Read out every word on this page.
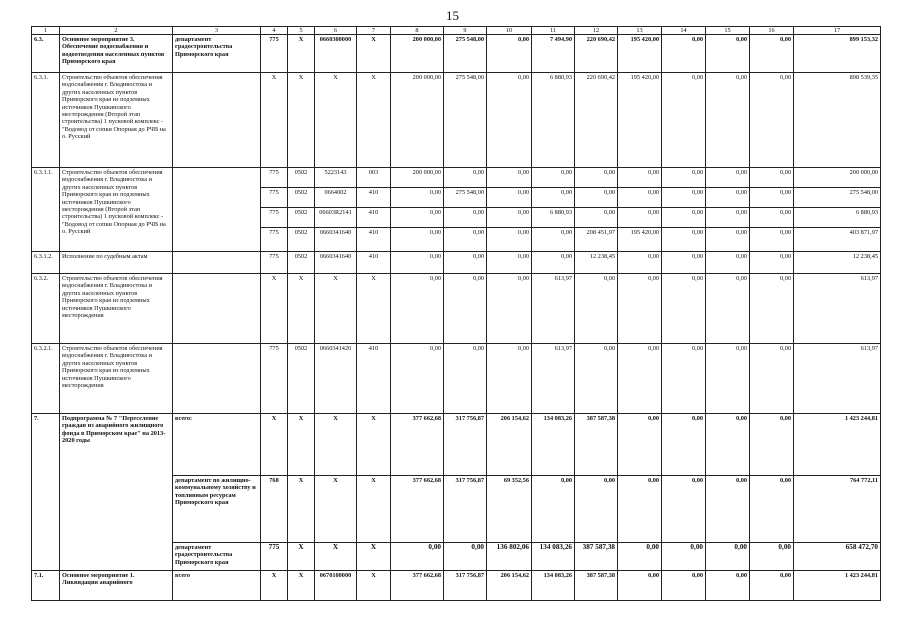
15
1	2	3	4	5	6	7	8	9	10	11	12	13	14	15	16	17
6.3.	Основное мероприятие 3. Обеспечение водоснабжения и водоотведения населенных пунктов Приморского края	департамент градостроительства Приморского края	775	X	0660300000	X	200 000,00	275 548,00	0,00	7 494,90	220 690,42	195 420,00	0,00	0,00	0,00	899 153,32
6.3.1.	Строительство объектов обеспечения водоснабжения г. Владивостока и других населенных пунктов Приморского края из подземных источников Пушкинского месторождения (Второй этап строительства) 1 пусковой комплекс - "Водовод от сопки Опорная до РЧВ на о. Русский		X	X	X	X	200 000,00	275 548,00	0,00	6 880,93	220 690,42	195 420,00	0,00	0,00	0,00	898 539,35
6.3.1.1.	Строительство объектов обеспечения водоснабжения г. Владивостока и других населенных пунктов Приморского края из подземных источников Пушкинского месторождения (Второй этап строительства) 1 пусковой комплекс - "Водовод от сопки Опорная до РЧВ на о. Русский		775	0502	5223143	003	200 000,00	0,00	0,00	0,00	0,00	0,00	0,00	0,00	0,00	200 000,00
			775	0502	0664002	410	0,00	275 548,00	0,00	0,00	0,00	0,00	0,00	0,00	0,00	275 548,00
			775	0502	06603R2141	410	0,00	0,00	0,00	6 880,93	0,00	0,00	0,00	0,00	0,00	6 880,93
			775	0502	0660341640	410	0,00	0,00	0,00	0,00	208 451,97	195 420,00	0,00	0,00	0,00	403 871,97
6.3.1.2.	Исполнение по судебным актам		775	0502	0660341640	410	0,00	0,00	0,00	0,00	12 238,45	0,00	0,00	0,00	0,00	12 238,45
6.3.2.	Строительство объектов обеспечения водоснабжения г. Владивостока и других населенных пунктов Приморского края из подземных источников Пушкинского месторождения		X	X	X	X	0,00	0,00	0,00	613,97	0,00	0,00	0,00	0,00	0,00	613,97
6.3.2.1.	Строительство объектов обеспечения водоснабжения г. Владивостока и других населенных пунктов Приморского края из подземных источников Пушкинского месторождения		775	0502	0660341420	410	0,00	0,00	0,00	613,97	0,00	0,00	0,00	0,00	0,00	613,97
7.	Подпрограмма № 7 "Переселение граждан из аварийного жилищного фонда в Приморском крае" на 2013-2020 годы	всего:	X	X	X	X	377 662,68	317 756,87	206 154,62	134 083,26	387 587,38	0,00	0,00	0,00	0,00	1 423 244,81
		департамент по жилищно-коммунальному хозяйству и топливным ресурсам Приморского края	768	X	X	X	377 662,68	317 756,87	69 352,56	0,00	0,00	0,00	0,00	0,00	0,00	764 772,11
		департамент градостроительства Приморского края	775	X	X	X	0,00	0,00	136 802,06	134 083,26	387 587,38	0,00	0,00	0,00	0,00	658 472,70
7.1.	Основное мероприятие 1. Ликвидация аварийного	всего	X	X	0670100000	X	377 662,68	317 756,87	206 154,62	134 083,26	387 587,38	0,00	0,00	0,00	0,00	1 423 244,81
